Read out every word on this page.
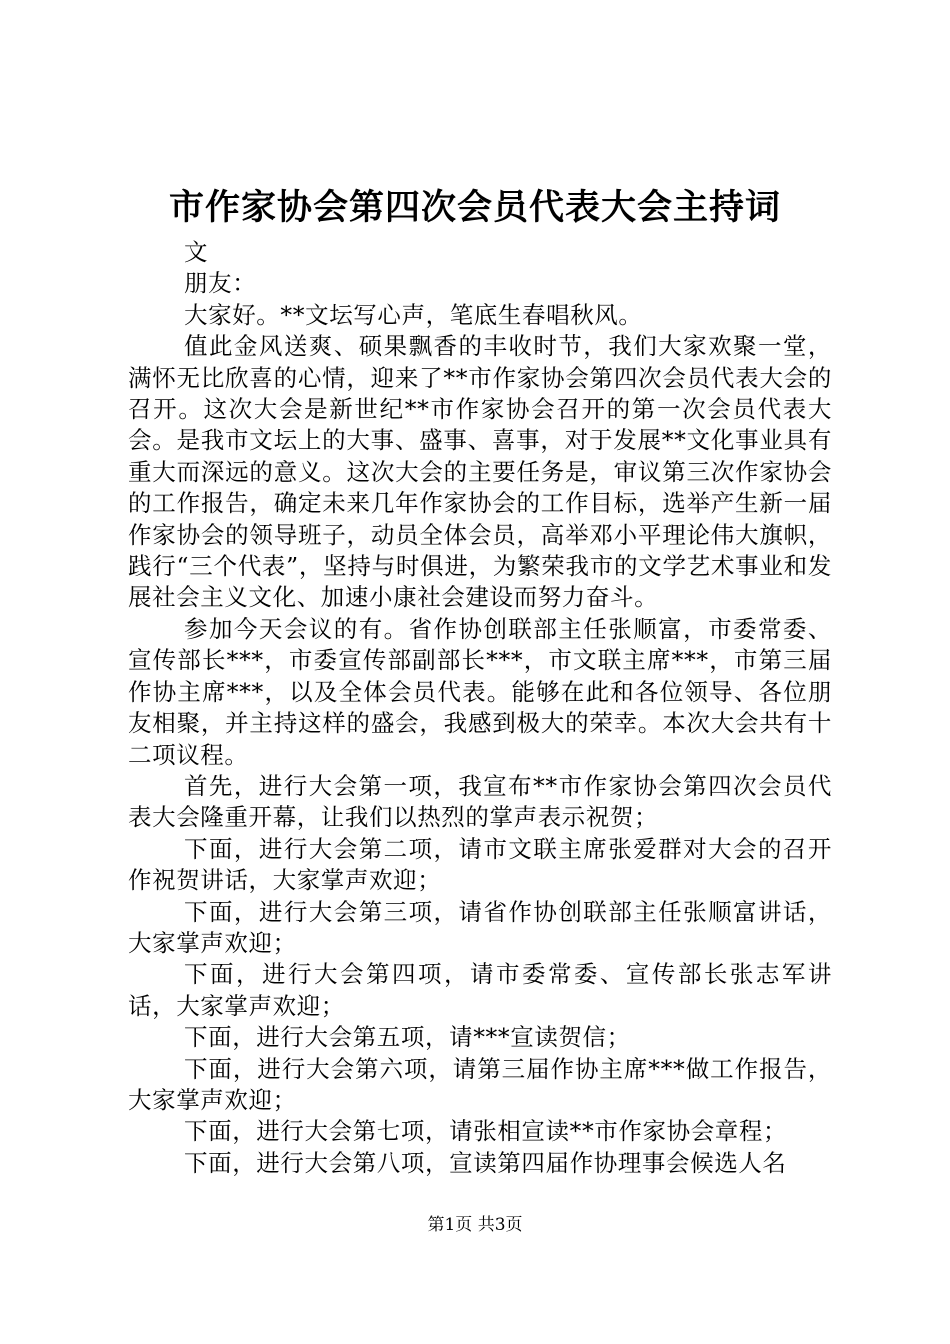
市作家协会第四次会员代表大会主持词

文

朋友：

大家好。**文坛写心声，笔底生春唱秋风。

值此金风送爽、硕果飘香的丰收时节，我们大家欢聚一堂，满怀无比欣喜的心情，迎来了**市作家协会第四次会员代表大会的召开。这次大会是新世纪**市作家协会召开的第一次会员代表大会。是我市文坛上的大事、盛事、喜事，对于发展**文化事业具有重大而深远的意义。这次大会的主要任务是，审议第三次作家协会的工作报告，确定未来几年作家协会的工作目标，选举产生新一届作家协会的领导班子，动员全体会员，高举邓小平理论伟大旗帜，践行“三个代表”，坚持与时俱进，为繁荣我市的文学艺术事业和发展社会主义文化、加速小康社会建设而努力奋斗。

参加今天会议的有。省作协创联部主任张顺富，市委常委、宣传部长***，市委宣传部副部长***，市文联主席***，市第三届作协主席***，以及全体会员代表。能够在此和各位领导、各位朋友相聚，并主持这样的盛会，我感到极大的荣幸。本次大会共有十二项议程。

首先，进行大会第一项，我宣布**市作家协会第四次会员代表大会隆重开幕，让我们以热烈的掌声表示祝贺；

下面，进行大会第二项，请市文联主席张爱群对大会的召开作祝贺讲话，大家掌声欢迎；

下面，进行大会第三项，请省作协创联部主任张顺富讲话，大家掌声欢迎；

下面，进行大会第四项，请市委常委、宣传部长张志军讲话，大家掌声欢迎；

下面，进行大会第五项，请***宣读贺信；

下面，进行大会第六项，请第三届作协主席***做工作报告，大家掌声欢迎；

下面，进行大会第七项，请张相宣读**市作家协会章程；

下面，进行大会第八项，宣读第四届作协理事会候选人名

第1页 共3页
